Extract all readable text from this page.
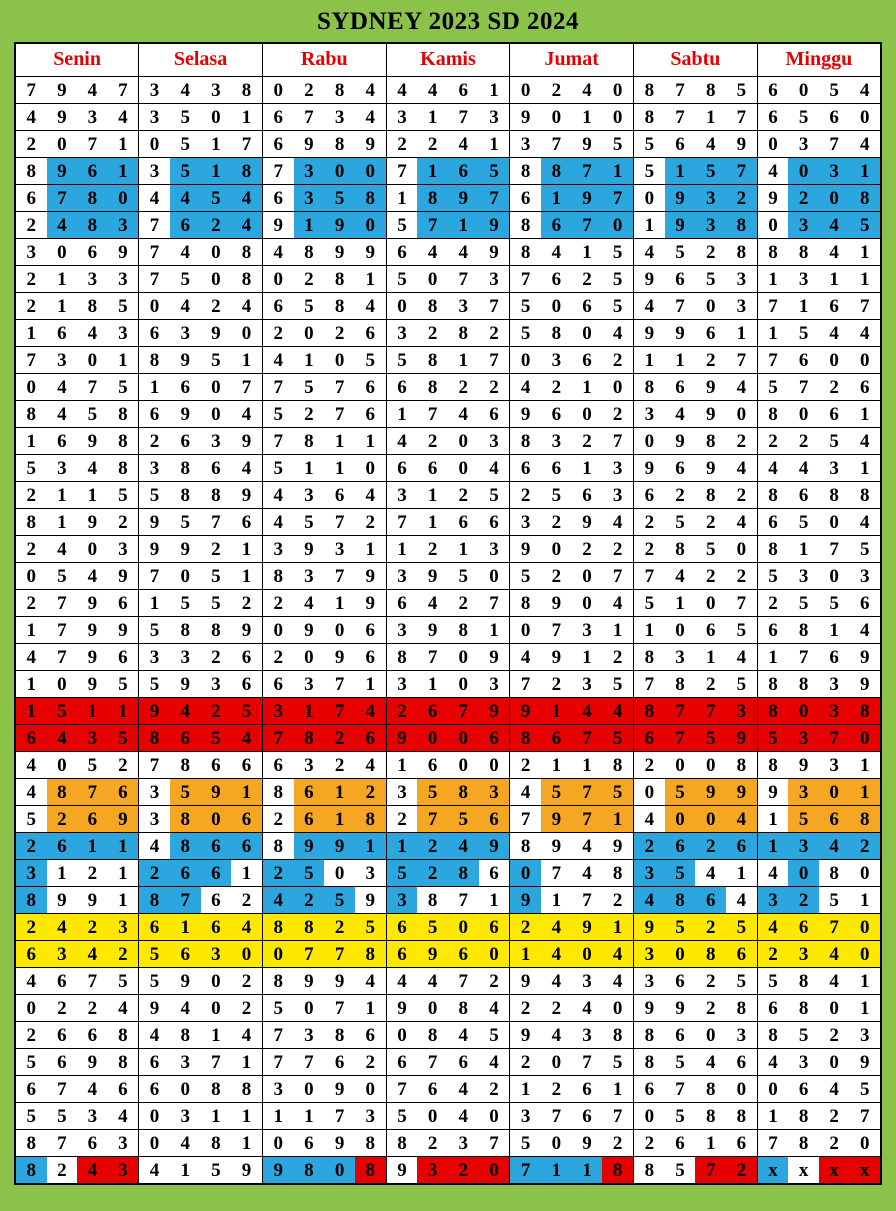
SYDNEY 2023 SD 2024
Senin	Selasa	Rabu	Kamis	Jumat	Sabtu	Minggu

7 9 4 7	3 4 3 8	0 2 8 4	4 4 6 1	0 2 4 0	8 7 8 5	6 0 5 4

4 9 3 4	3 5 0 1	6 7 3 4	3 1 7 3	9 0 1 0	8 7 1 7	6 5 6 0

2 0 7 1	0 5 1 7	6 9 8 9	2 2 4 1	3 7 9 5	5 6 4 9	0 3 7 4

8 9 6 1	3 5 1 8	7 3 0 0	7 1 6 5	8 8 7 1	5 1 5 7	4 0 3 1

6 7 8 0	4 4 5 4	6 3 5 8	1 8 9 7	6 1 9 7	0 9 3 2	9 2 0 8

2 4 8 3	7 6 2 4	9 1 9 0	5 7 1 9	8 6 7 0	1 9 3 8	0 3 4 5

3 0 6 9	7 4 0 8	4 8 9 9	6 4 4 9	8 4 1 5	4 5 2 8	8 8 4 1

2 1 3 3	7 5 0 8	0 2 8 1	5 0 7 3	7 6 2 5	9 6 5 3	1 3 1 1

2 1 8 5	0 4 2 4	6 5 8 4	0 8 3 7	5 0 6 5	4 7 0 3	7 1 6 7

1 6 4 3	6 3 9 0	2 0 2 6	3 2 8 2	5 8 0 4	9 9 6 1	1 5 4 4

7 3 0 1	8 9 5 1	4 1 0 5	5 8 1 7	0 3 6 2	1 1 2 7	7 6 0 0

0 4 7 5	1 6 0 7	7 5 7 6	6 8 2 2	4 2 1 0	8 6 9 4	5 7 2 6

8 4 5 8	6 9 0 4	5 2 7 6	1 7 4 6	9 6 0 2	3 4 9 0	8 0 6 1

1 6 9 8	2 6 3 9	7 8 1 1	4 2 0 3	8 3 2 7	0 9 8 2	2 2 5 4

5 3 4 8	3 8 6 4	5 1 1 0	6 6 0 4	6 6 1 3	9 6 9 4	4 4 3 1

2 1 1 5	5 8 8 9	4 3 6 4	3 1 2 5	2 5 6 3	6 2 8 2	8 6 8 8

8 1 9 2	9 5 7 6	4 5 7 2	7 1 6 6	3 2 9 4	2 5 2 4	6 5 0 4

2 4 0 3	9 9 2 1	3 9 3 1	1 2 1 3	9 0 2 2	2 8 5 0	8 1 7 5

0 5 4 9	7 0 5 1	8 3 7 9	3 9 5 0	5 2 0 7	7 4 2 2	5 3 0 3

2 7 9 6	1 5 5 2	2 4 1 9	6 4 2 7	8 9 0 4	5 1 0 7	2 5 5 6

1 7 9 9	5 8 8 9	0 9 0 6	3 9 8 1	0 7 3 1	1 0 6 5	6 8 1 4

4 7 9 6	3 3 2 6	2 0 9 6	8 7 0 9	4 9 1 2	8 3 1 4	1 7 6 9

1 0 9 5	5 9 3 6	6 3 7 1	3 1 0 3	7 2 3 5	7 8 2 5	8 8 3 9

1 5 1 1	9 4 2 5	3 1 7 4	2 6 7 9	9 1 4 4	8 7 7 3	8 0 3 8

6 4 3 5	8 6 5 4	7 8 2 6	9 0 0 6	8 6 7 5	6 7 5 9	5 3 7 0

4 0 5 2	7 8 6 6	6 3 2 4	1 6 0 0	2 1 1 8	2 0 0 8	8 9 3 1

4 8 7 6	3 5 9 1	8 6 1 2	3 5 8 3	4 5 7 5	0 5 9 9	9 3 0 1

5 2 6 9	3 8 0 6	2 6 1 8	2 7 5 6	7 9 7 1	4 0 0 4	1 5 6 8

2 6 1 1	4 8 6 6	8 9 9 1	1 2 4 9	8 9 4 9	2 6 2 6	1 3 4 2

3 1 2 1	2 6 6 1	2 5 0 3	5 2 8 6	0 7 4 8	3 5 4 1	4 0 8 0

8 9 9 1	8 7 6 2	4 2 5 9	3 8 7 1	9 1 7 2	4 8 6 4	3 2 5 1

2 4 2 3	6 1 6 4	8 8 2 5	6 5 0 6	2 4 9 1	9 5 2 5	4 6 7 0

6 3 4 2	5 6 3 0	0 7 7 8	6 9 6 0	1 4 0 4	3 0 8 6	2 3 4 0

4 6 7 5	5 9 0 2	8 9 9 4	4 4 7 2	9 4 3 4	3 6 2 5	5 8 4 1

0 2 2 4	9 4 0 2	5 0 7 1	9 0 8 4	2 2 4 0	9 9 2 8	6 8 0 1

2 6 6 8	4 8 1 4	7 3 8 6	0 8 4 5	9 4 3 8	8 6 0 3	8 5 2 3

5 6 9 8	6 3 7 1	7 7 6 2	6 7 6 4	2 0 7 5	8 5 4 6	4 3 0 9

6 7 4 6	6 0 8 8	3 0 9 0	7 6 4 2	1 2 6 1	6 7 8 0	0 6 4 5

5 5 3 4	0 3 1 1	1 1 7 3	5 0 4 0	3 7 6 7	0 5 8 8	1 8 2 7

8 7 6 3	0 4 8 1	0 6 9 8	8 2 3 7	5 0 9 2	2 6 1 6	7 8 2 0

8 2 4 3	4 1 5 9	9 8 0 8	9 3 2 0	7 1 1 8	8 5 7 2	x x x x
